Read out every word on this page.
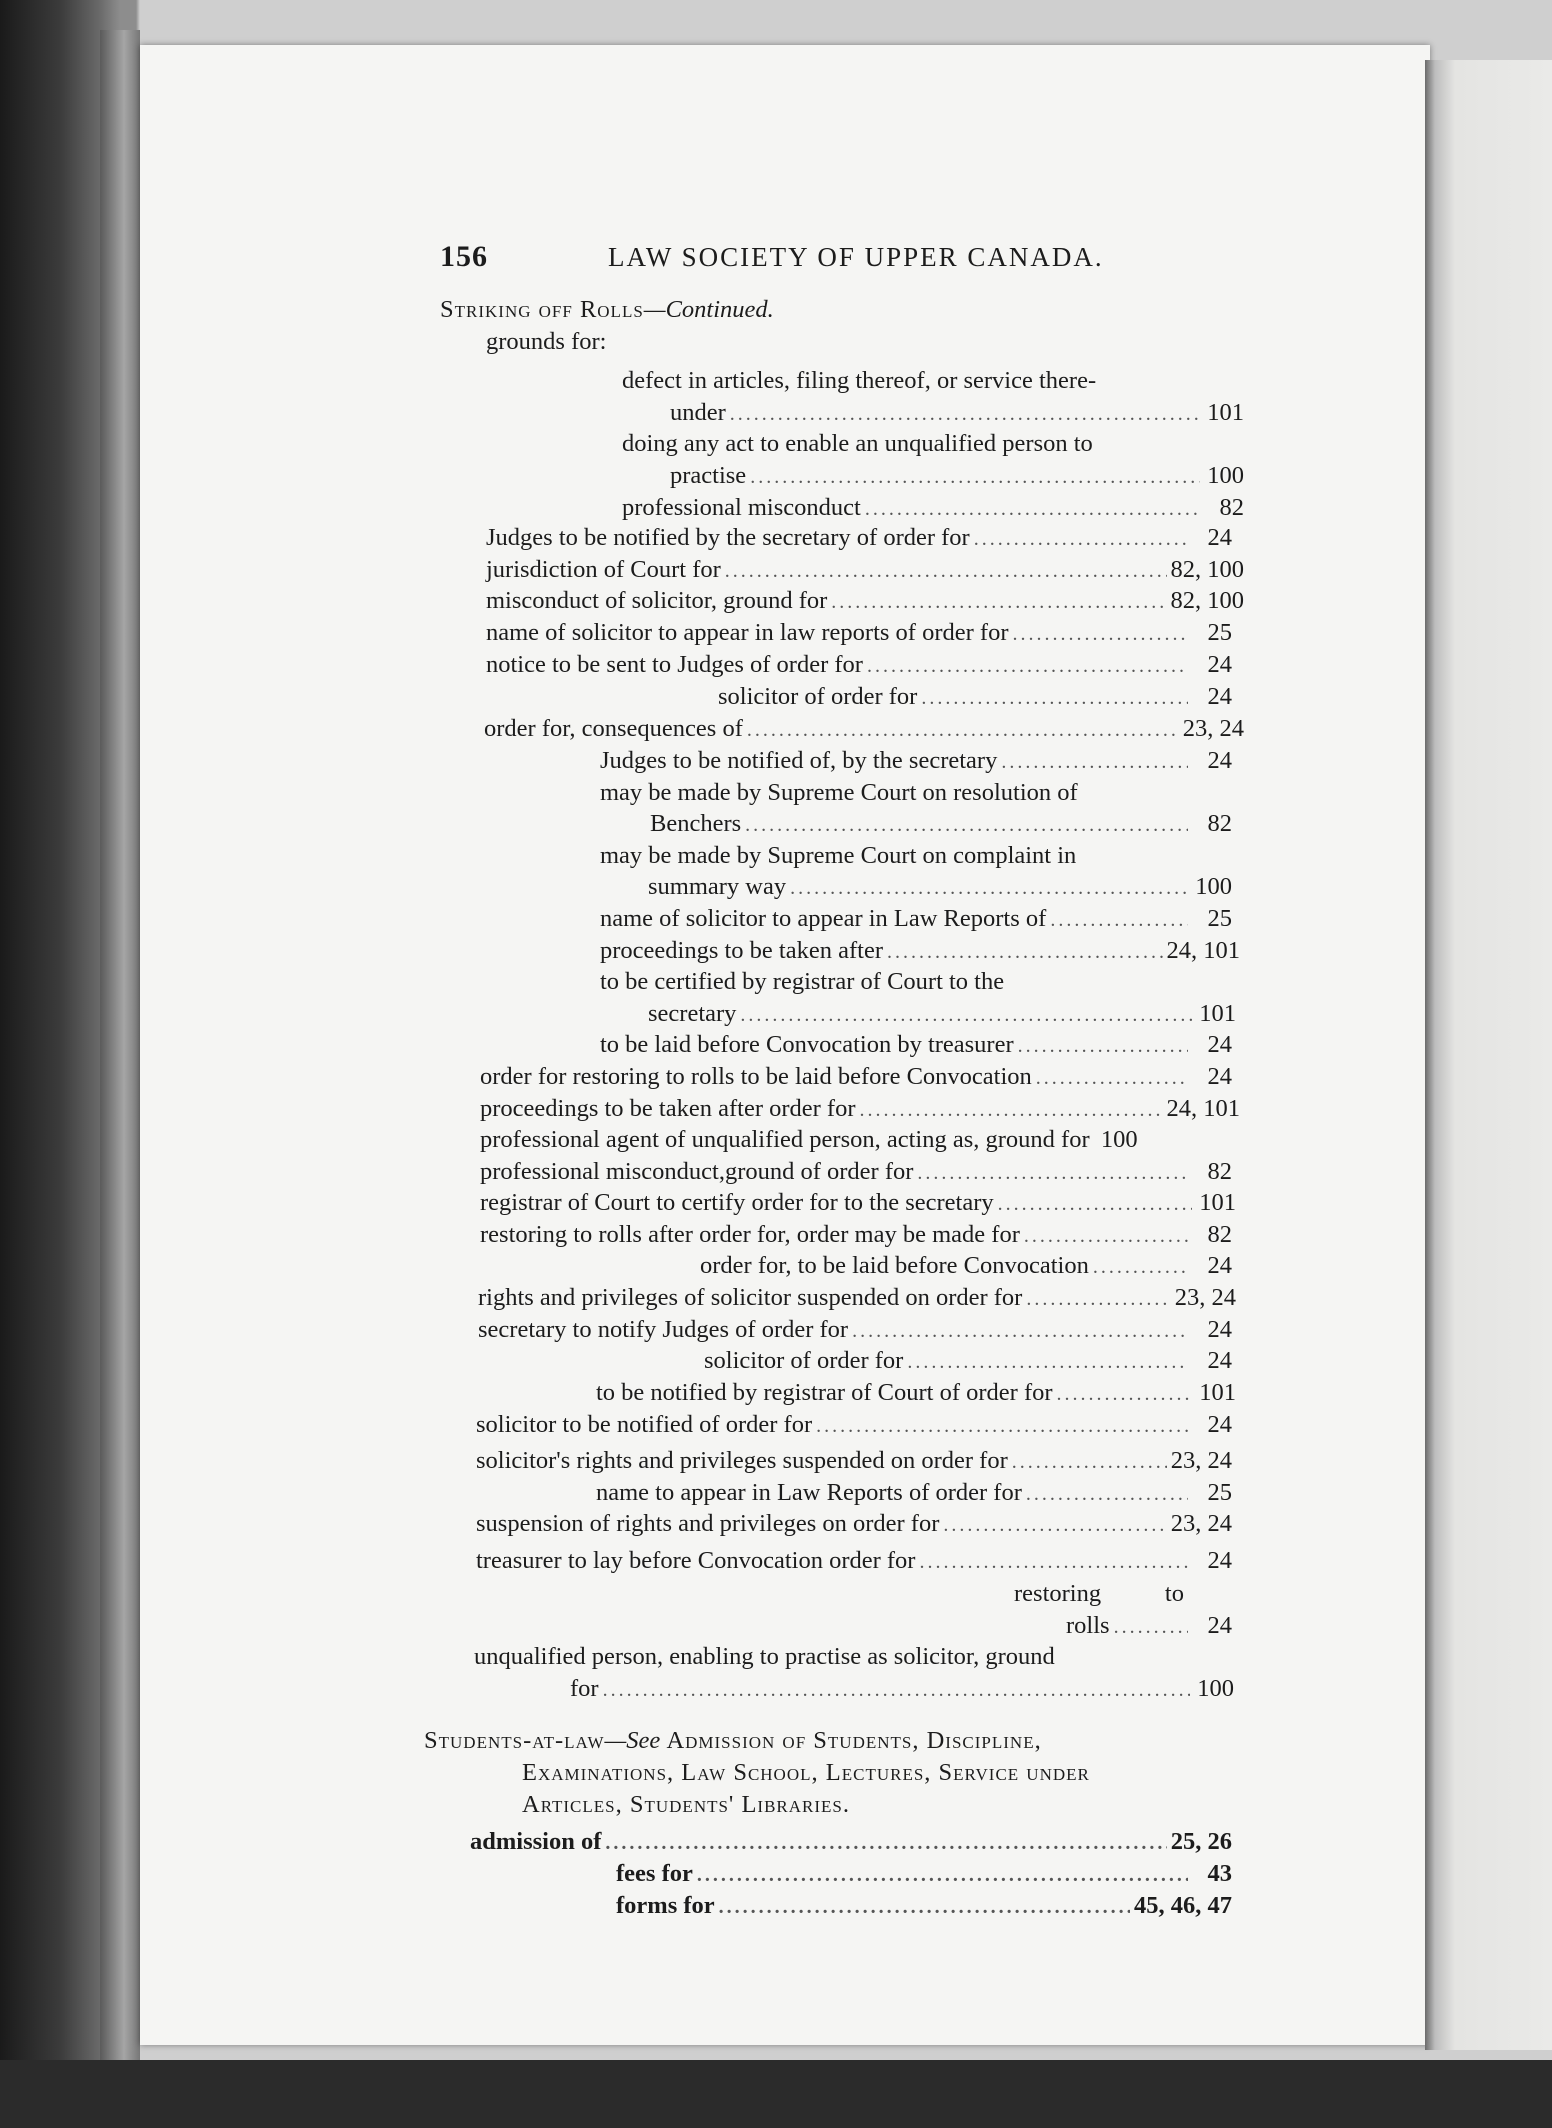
156	LAW SOCIETY OF UPPER CANADA.
Striking off Rolls —Continued.
grounds for:
defect in articles, filing thereof, or service there-
under .....	101
doing any act to enable an unqualified person to
practise .....	100
professional misconduct .....	82
Judges to be notified by the secretary of order for .....	24
jurisdiction of Court for .....	82, 100
misconduct of solicitor, ground for .....	82, 100
name of solicitor to appear in law reports of order for .....	25
notice to be sent to Judges of order for .....	24
solicitor of order for .....	24
order for, consequences of .....	23, 24
Judges to be notified of, by the secretary .....	24
may be made by Supreme Court on resolution of
Benchers .....	82
may be made by Supreme Court on complaint in
summary way .....	100
name of solicitor to appear in Law Reports of .....	25
proceedings to be taken after .....	24, 101
to be certified by registrar of Court to the
secretary .....	101
to be laid before Convocation by treasurer .....	24
order for restoring to rolls to be laid before Convocation .....	24
proceedings to be taken after order for .....	24, 101
professional agent of unqualified person, acting as, ground for 100
professional misconduct,ground of order for .....	82
registrar of Court to certify order for to the secretary .....	101
restoring to rolls after order for, order may be made for .....	82
order for, to be laid before Convocation .....	24
rights and privileges of solicitor suspended on order for .....	23, 24
secretary to notify Judges of order for .....	24
solicitor of order for .....	24
to be notified by registrar of Court of order for .....	101
solicitor to be notified of order for .....	24
solicitor's rights and privileges suspended on order for .....	23, 24
name to appear in Law Reports of order for .....	25
suspension of rights and privileges on order for .....	23, 24
treasurer to lay before Convocation order for .....	24
restoring to
rolls .....	24
unqualified person, enabling to practise as solicitor, ground
for .....	100
Students-at-law —See
Admission of Students, Discipline,
Examinations, Law School, Lectures, Service under
Articles, Students' Libraries.
admission of .....	25, 26
fees for .....	43
forms for .....	45, 46, 47
